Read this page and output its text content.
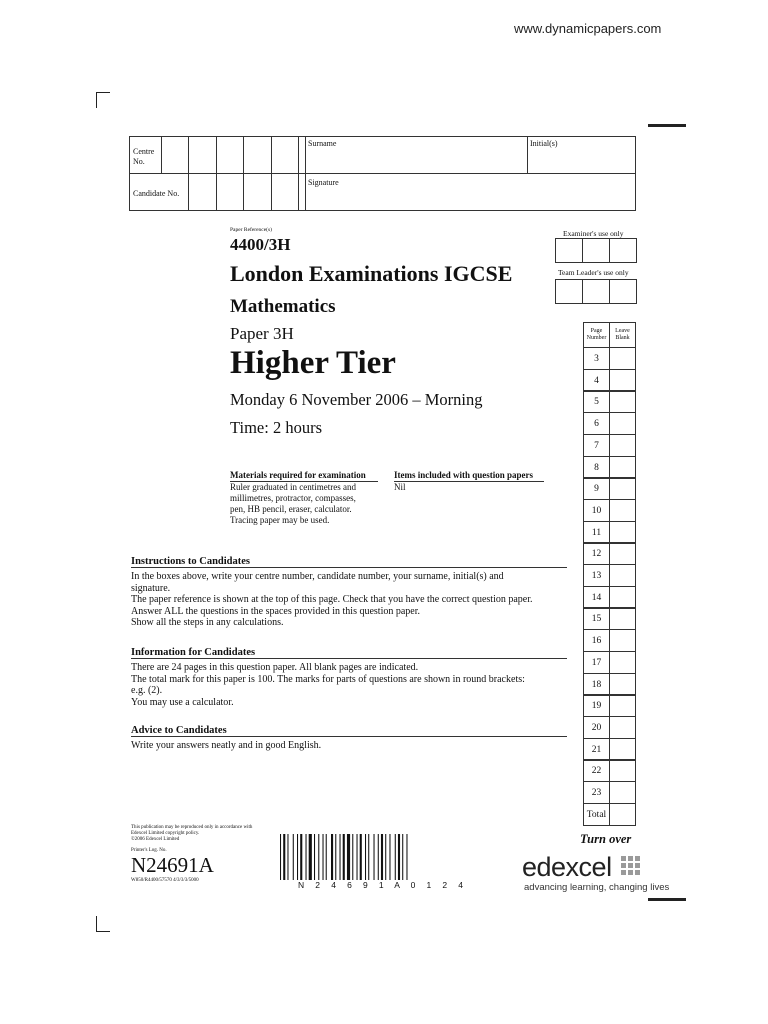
www.dynamicpapers.com
Centre No.
Candidate No.
Surname	Initial(s)
Signature
Paper Reference(s)
4400/3H
London Examinations IGCSE
Mathematics
Paper 3H
Higher Tier
Monday 6 November 2006 – Morning
Time: 2 hours
Materials required for examination
Ruler graduated in centimetres and
millimetres, protractor, compasses,
pen, HB pencil, eraser, calculator.
Tracing paper may be used.
Items included with question papers
Nil
Examiner's use only
Team Leader's use only
Page
Number
Leave
Blank
3
4
5
6
7
8
9
10
11
12
13
14
15
16
17
18
19
20
21
22
23
Total
Instructions to Candidates
In the boxes above, write your centre number, candidate number, your surname, initial(s) and
signature.
The paper reference is shown at the top of this page. Check that you have the correct question paper.
Answer ALL the questions in the spaces provided in this question paper.
Show all the steps in any calculations.
Information for Candidates
There are 24 pages in this question paper. All blank pages are indicated.
The total mark for this paper is 100. The marks for parts of questions are shown in round brackets:
e.g. (2).
You may use a calculator.
Advice to Candidates
Write your answers neatly and in good English.
This publication may be reproduced only in accordance with
Edexcel Limited copyright policy.
©2006 Edexcel Limited
Printer's Log. No.
N24691A
W850/R4400/57570 4/3/3/3/5000	N 2 4 6 9 1 A 0 1 2 4
Turn over
edexcel
advancing learning, changing lives
